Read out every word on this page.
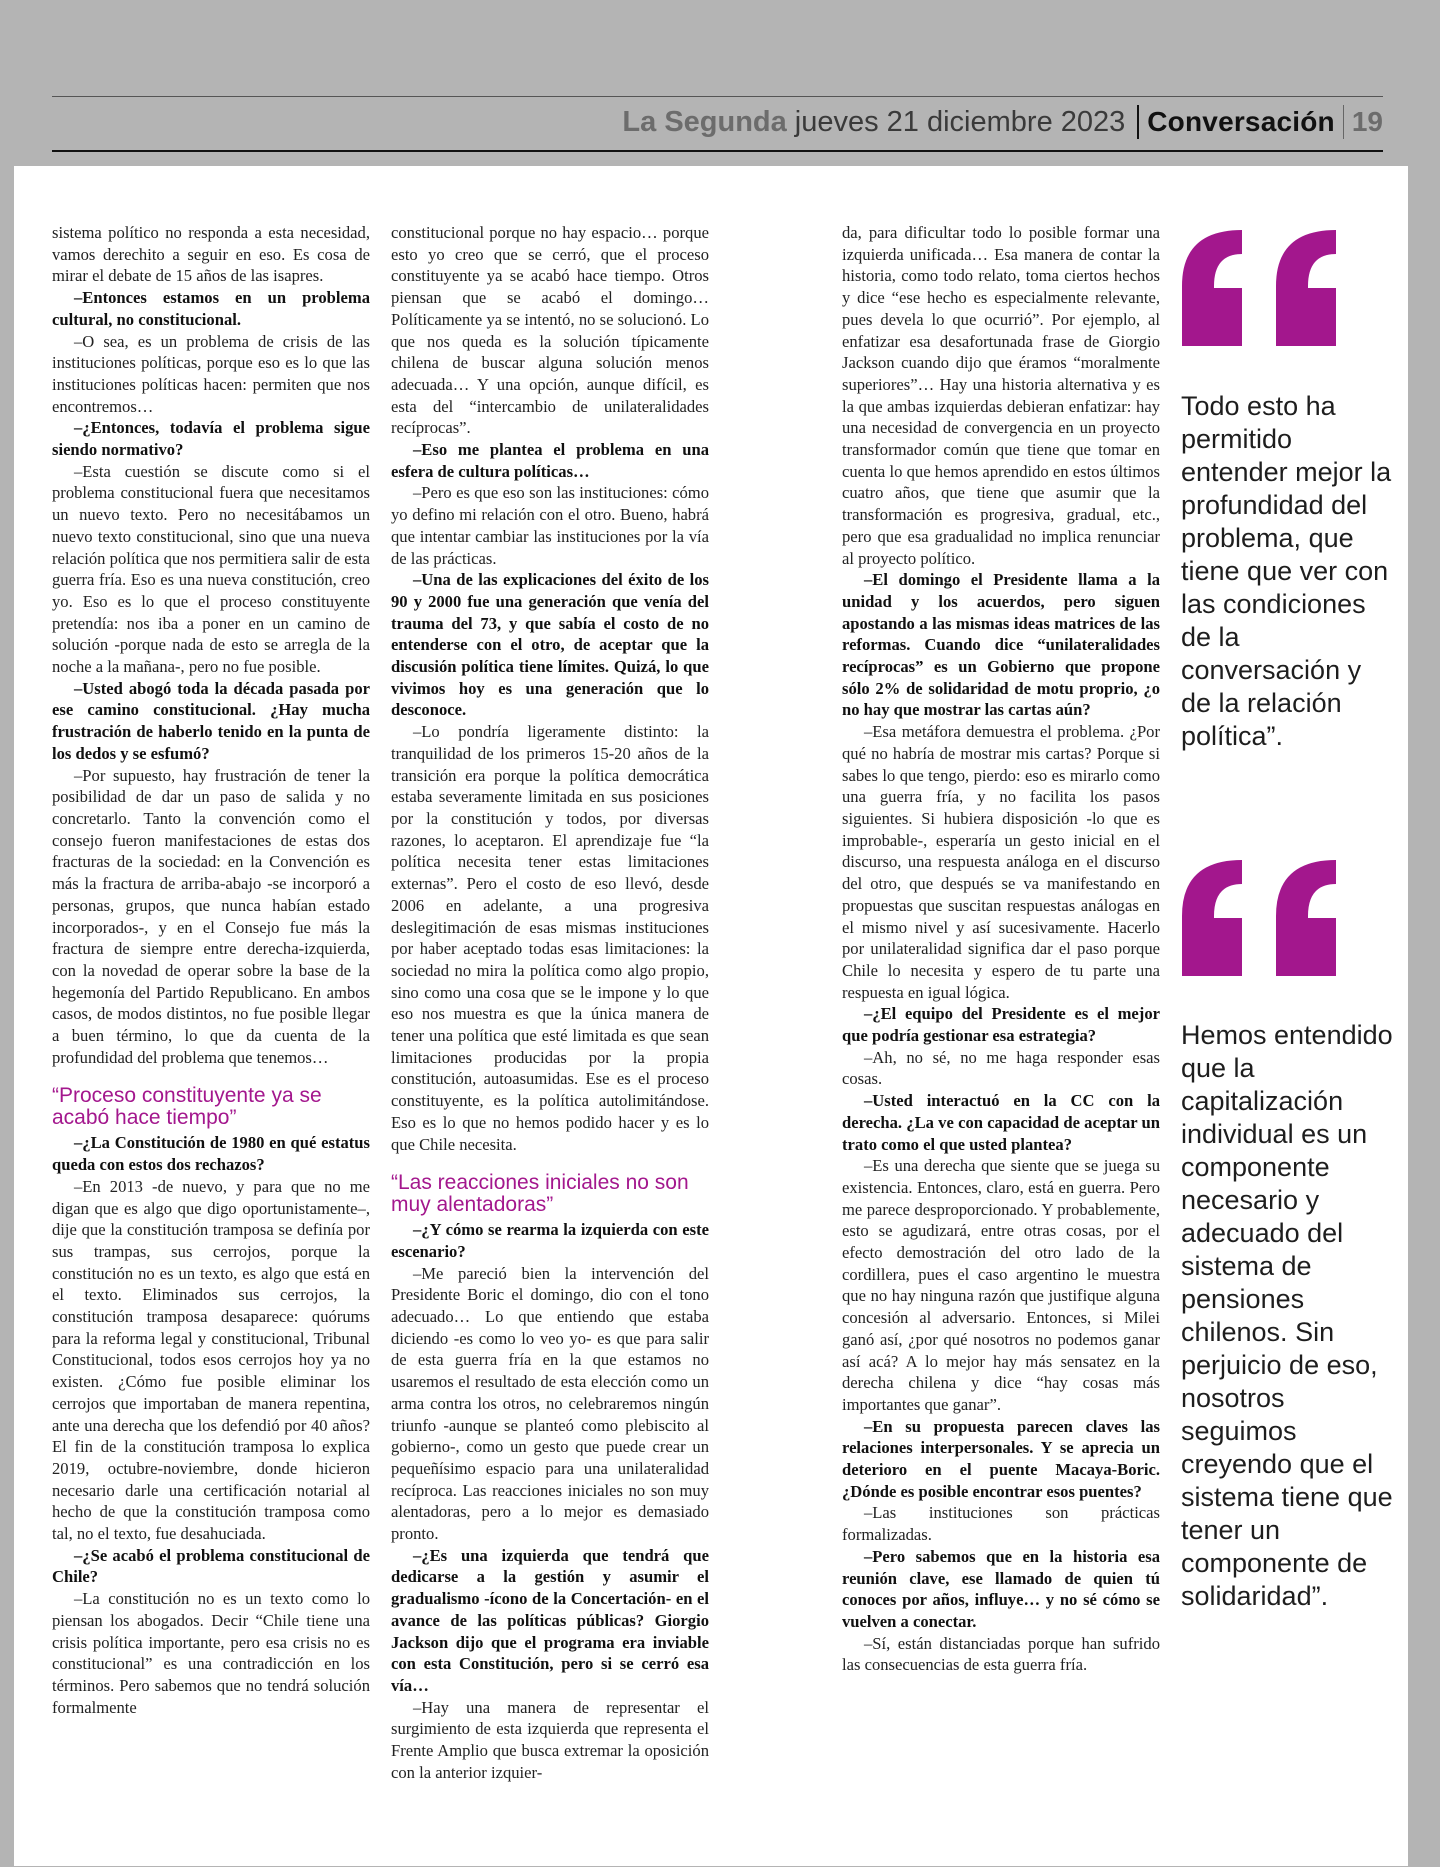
La Segunda jueves 21 diciembre 2023 Conversación 19

sistema político no responda a esta necesidad, vamos derechito a seguir en eso. Es cosa de mirar el debate de 15 años de las isapres.

–Entonces estamos en un problema cultural, no constitucional.

–O sea, es un problema de crisis de las instituciones políticas, porque eso es lo que las instituciones políticas hacen: permiten que nos encontremos…

–¿Entonces, todavía el problema sigue siendo normativo?

–Esta cuestión se discute como si el problema constitucional fuera que necesitamos un nuevo texto. Pero no necesitábamos un nuevo texto constitucional, sino que una nueva relación política que nos permitiera salir de esta guerra fría. Eso es una nueva constitución, creo yo. Eso es lo que el proceso constituyente pretendía: nos iba a poner en un camino de solución -porque nada de esto se arregla de la noche a la mañana-, pero no fue posible.

–Usted abogó toda la década pasada por ese camino constitucional. ¿Hay mucha frustración de haberlo tenido en la punta de los dedos y se esfumó?

–Por supuesto, hay frustración de tener la posibilidad de dar un paso de salida y no concretarlo. Tanto la convención como el consejo fueron manifestaciones de estas dos fracturas de la sociedad: en la Convención es más la fractura de arriba-abajo -se incorporó a personas, grupos, que nunca habían estado incorporados-, y en el Consejo fue más la fractura de siempre entre derecha-izquierda, con la novedad de operar sobre la base de la hegemonía del Partido Republicano. En ambos casos, de modos distintos, no fue posible llegar a buen término, lo que da cuenta de la profundidad del problema que tenemos…

“Proceso constituyente ya se acabó hace tiempo”

–¿La Constitución de 1980 en qué estatus queda con estos dos rechazos?

–En 2013 -de nuevo, y para que no me digan que es algo que digo oportunistamente–, dije que la constitución tramposa se definía por sus trampas, sus cerrojos, porque la constitución no es un texto, es algo que está en el texto. Eliminados sus cerrojos, la constitución tramposa desaparece: quórums para la reforma legal y constitucional, Tribunal Constitucional, todos esos cerrojos hoy ya no existen. ¿Cómo fue posible eliminar los cerrojos que importaban de manera repentina, ante una derecha que los defendió por 40 años? El fin de la constitución tramposa lo explica 2019, octubre-noviembre, donde hicieron necesario darle una certificación notarial al hecho de que la constitución tramposa como tal, no el texto, fue desahuciada.

–¿Se acabó el problema constitucional de Chile?

–La constitución no es un texto como lo piensan los abogados. Decir “Chile tiene una crisis política importante, pero esa crisis no es constitucional” es una contradicción en los términos. Pero sabemos que no tendrá solución formalmente

constitucional porque no hay espacio… porque esto yo creo que se cerró, que el proceso constituyente ya se acabó hace tiempo. Otros piensan que se acabó el domingo… Políticamente ya se intentó, no se solucionó. Lo que nos queda es la solución típicamente chilena de buscar alguna solución menos adecuada… Y una opción, aunque difícil, es esta del “intercambio de unilateralidades recíprocas”.

–Eso me plantea el problema en una esfera de cultura políticas…

–Pero es que eso son las instituciones: cómo yo defino mi relación con el otro. Bueno, habrá que intentar cambiar las instituciones por la vía de las prácticas.

–Una de las explicaciones del éxito de los 90 y 2000 fue una generación que venía del trauma del 73, y que sabía el costo de no entenderse con el otro, de aceptar que la discusión política tiene límites. Quizá, lo que vivimos hoy es una generación que lo desconoce.

–Lo pondría ligeramente distinto: la tranquilidad de los primeros 15-20 años de la transición era porque la política democrática estaba severamente limitada en sus posiciones por la constitución y todos, por diversas razones, lo aceptaron. El aprendizaje fue “la política necesita tener estas limitaciones externas”. Pero el costo de eso llevó, desde 2006 en adelante, a una progresiva deslegitimación de esas mismas instituciones por haber aceptado todas esas limitaciones: la sociedad no mira la política como algo propio, sino como una cosa que se le impone y lo que eso nos muestra es que la única manera de tener una política que esté limitada es que sean limitaciones producidas por la propia constitución, autoasumidas. Ese es el proceso constituyente, es la política autolimitándose. Eso es lo que no hemos podido hacer y es lo que Chile necesita.

“Las reacciones iniciales no son muy alentadoras”

–¿Y cómo se rearma la izquierda con este escenario?

–Me pareció bien la intervención del Presidente Boric el domingo, dio con el tono adecuado… Lo que entiendo que estaba diciendo -es como lo veo yo- es que para salir de esta guerra fría en la que estamos no usaremos el resultado de esta elección como un arma contra los otros, no celebraremos ningún triunfo -aunque se planteó como plebiscito al gobierno-, como un gesto que puede crear un pequeñísimo espacio para una unilateralidad recíproca. Las reacciones iniciales no son muy alentadoras, pero a lo mejor es demasiado pronto.

–¿Es una izquierda que tendrá que dedicarse a la gestión y asumir el gradualismo -ícono de la Concertación- en el avance de las políticas públicas? Giorgio Jackson dijo que el programa era inviable con esta Constitución, pero si se cerró esa vía…

–Hay una manera de representar el surgimiento de esta izquierda que representa el Frente Amplio que busca extremar la oposición con la anterior izquier-

da, para dificultar todo lo posible formar una izquierda unificada… Esa manera de contar la historia, como todo relato, toma ciertos hechos y dice “ese hecho es especialmente relevante, pues devela lo que ocurrió”. Por ejemplo, al enfatizar esa desafortunada frase de Giorgio Jackson cuando dijo que éramos “moralmente superiores”… Hay una historia alternativa y es la que ambas izquierdas debieran enfatizar: hay una necesidad de convergencia en un proyecto transformador común que tiene que tomar en cuenta lo que hemos aprendido en estos últimos cuatro años, que tiene que asumir que la transformación es progresiva, gradual, etc., pero que esa gradualidad no implica renunciar al proyecto político.

–El domingo el Presidente llama a la unidad y los acuerdos, pero siguen apostando a las mismas ideas matrices de las reformas. Cuando dice “unilateralidades recíprocas” es un Gobierno que propone sólo 2% de solidaridad de motu proprio, ¿o no hay que mostrar las cartas aún?

–Esa metáfora demuestra el problema. ¿Por qué no habría de mostrar mis cartas? Porque si sabes lo que tengo, pierdo: eso es mirarlo como una guerra fría, y no facilita los pasos siguientes. Si hubiera disposición -lo que es improbable-, esperaría un gesto inicial en el discurso, una respuesta análoga en el discurso del otro, que después se va manifestando en propuestas que suscitan respuestas análogas en el mismo nivel y así sucesivamente. Hacerlo por unilateralidad significa dar el paso porque Chile lo necesita y espero de tu parte una respuesta en igual lógica.

–¿El equipo del Presidente es el mejor que podría gestionar esa estrategia?

–Ah, no sé, no me haga responder esas cosas.

–Usted interactuó en la CC con la derecha. ¿La ve con capacidad de aceptar un trato como el que usted plantea?

–Es una derecha que siente que se juega su existencia. Entonces, claro, está en guerra. Pero me parece desproporcionado. Y probablemente, esto se agudizará, entre otras cosas, por el efecto demostración del otro lado de la cordillera, pues el caso argentino le muestra que no hay ninguna razón que justifique alguna concesión al adversario. Entonces, si Milei ganó así, ¿por qué nosotros no podemos ganar así acá? A lo mejor hay más sensatez en la derecha chilena y dice “hay cosas más importantes que ganar”.

–En su propuesta parecen claves las relaciones interpersonales. Y se aprecia un deterioro en el puente Macaya-Boric. ¿Dónde es posible encontrar esos puentes?

–Las instituciones son prácticas formalizadas.

–Pero sabemos que en la historia esa reunión clave, ese llamado de quien tú conoces por años, influye… y no sé cómo se vuelven a conectar.

–Sí, están distanciadas porque han sufrido las consecuencias de esta guerra fría.

Todo esto ha permitido entender mejor la profundidad del problema, que tiene que ver con las condiciones de la conversación y de la relación política”.

Hemos entendido que la capitalización individual es un componente necesario y adecuado del sistema de pensiones chilenos. Sin perjuicio de eso, nosotros seguimos creyendo que el sistema tiene que tener un componente de solidaridad”.
